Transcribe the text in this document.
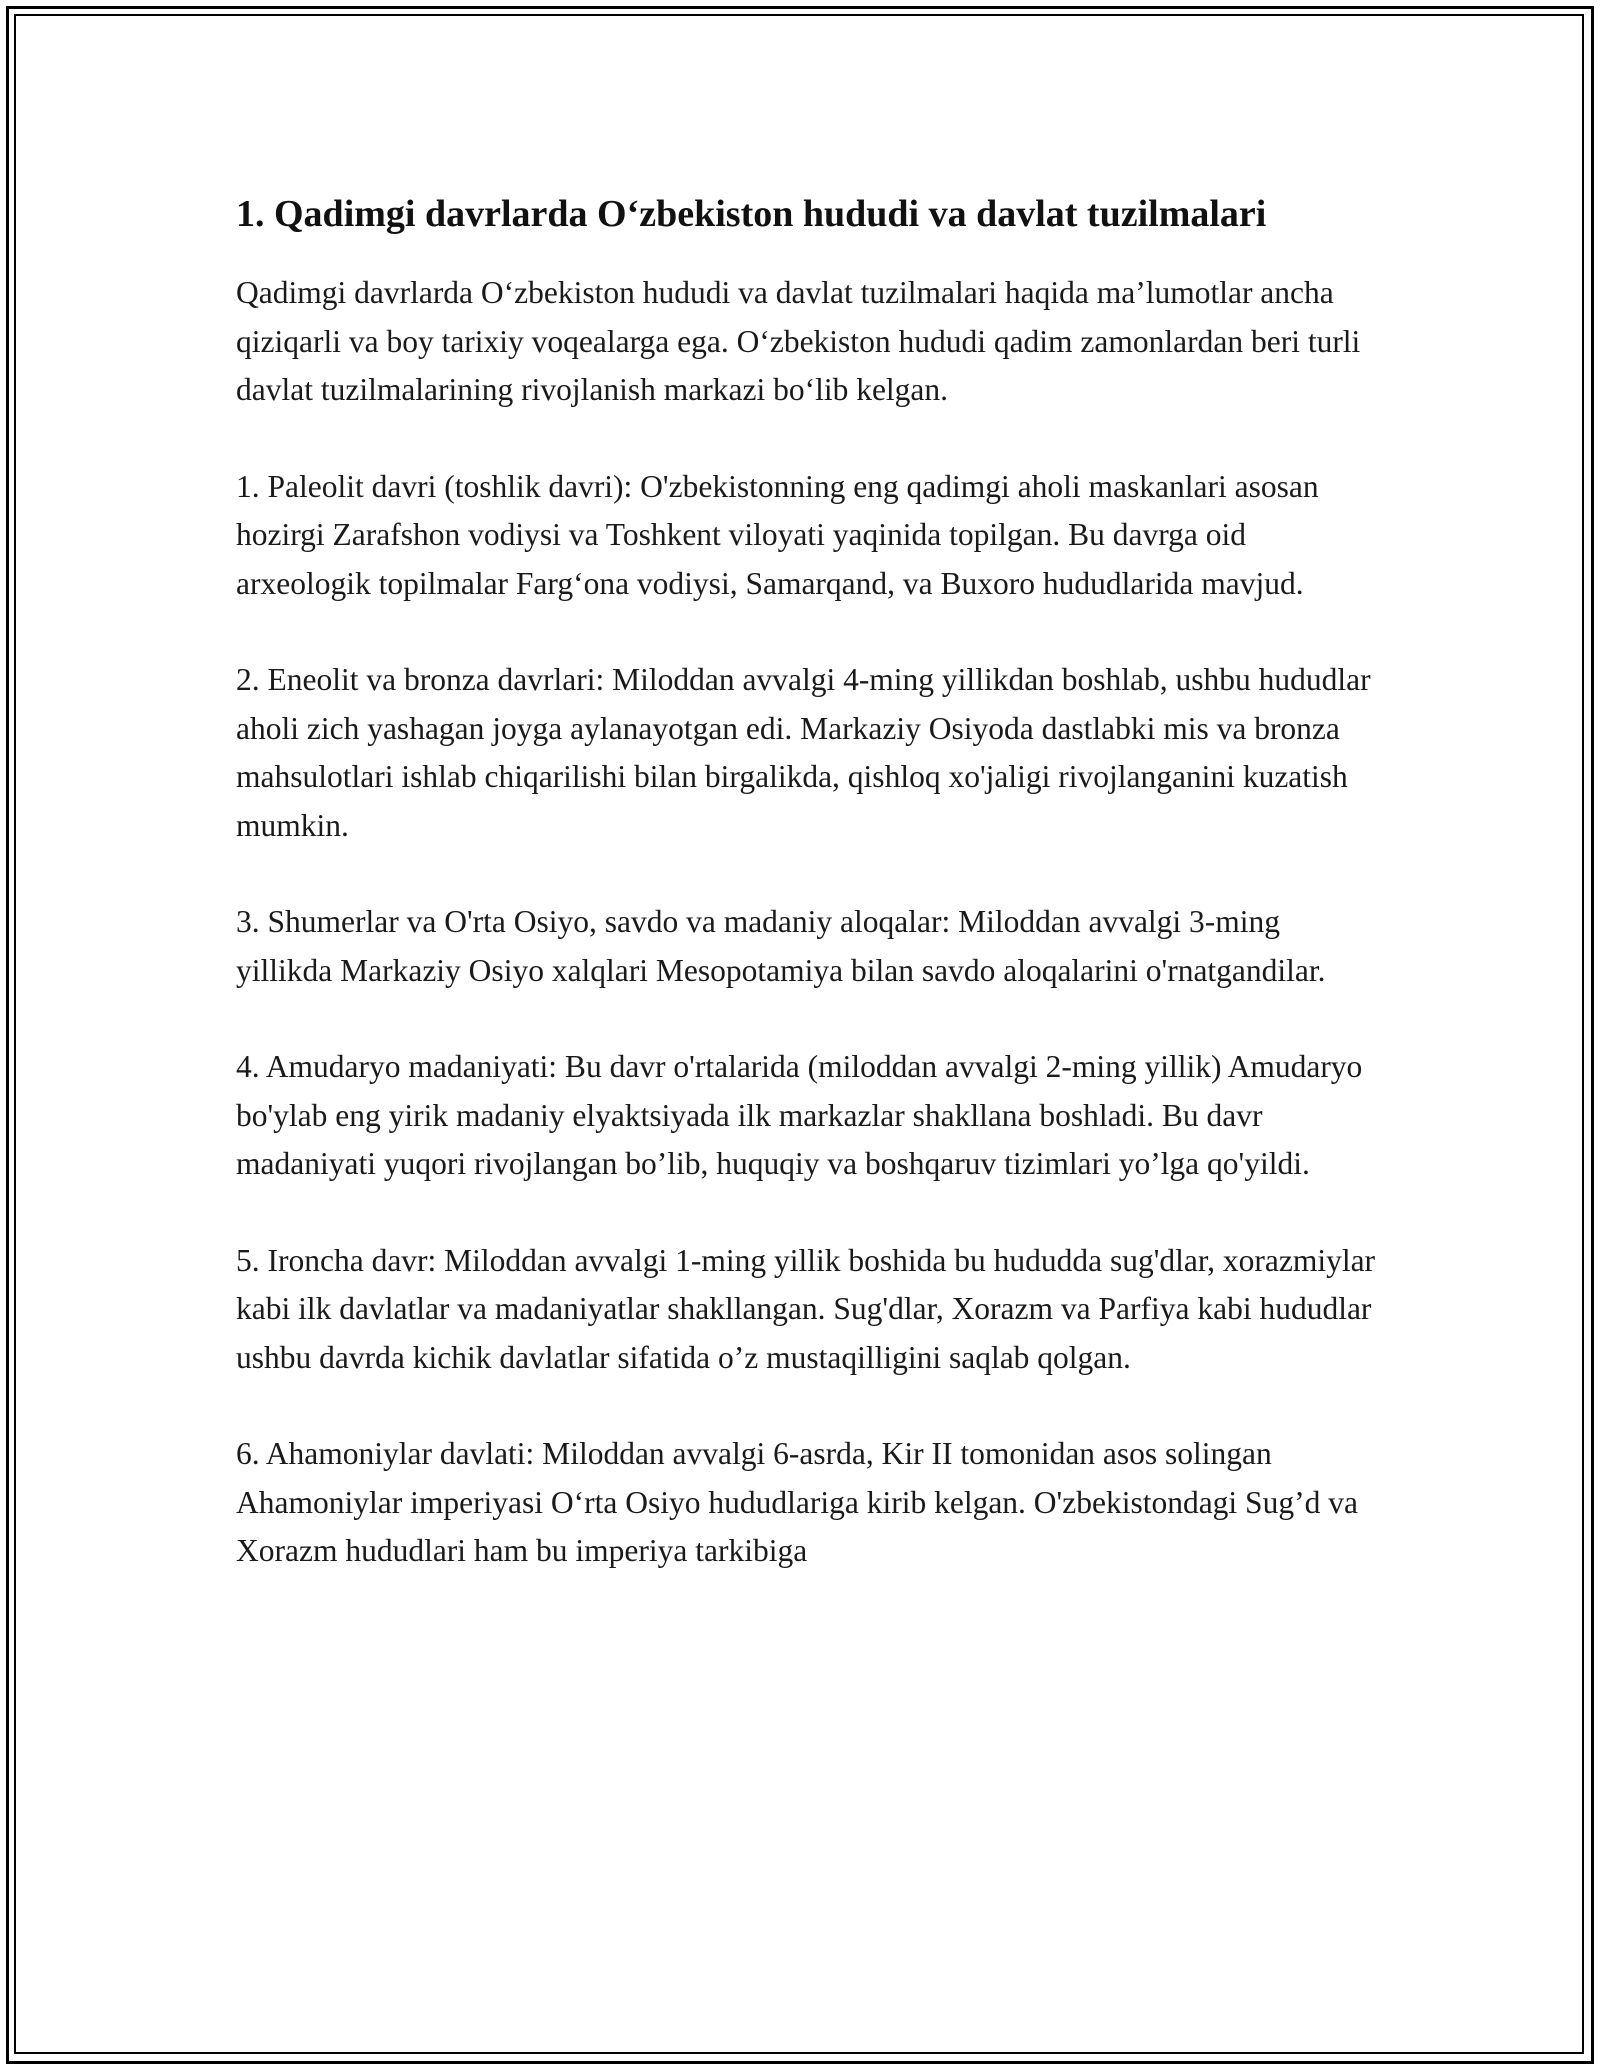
1. Qadimgi davrlarda O‘zbekiston hududi va davlat tuzilmalari

Qadimgi davrlarda O‘zbekiston hududi va davlat tuzilmalari haqida ma’lumotlar ancha qiziqarli va boy tarixiy voqealarga ega. O‘zbekiston hududi qadim zamonlardan beri turli davlat tuzilmalarining rivojlanish markazi bo‘lib kelgan.

1. Paleolit davri (toshlik davri): O'zbekistonning eng qadimgi aholi maskanlari asosan hozirgi Zarafshon vodiysi va Toshkent viloyati yaqinida topilgan. Bu davrga oid arxeologik topilmalar Farg‘ona vodiysi, Samarqand, va Buxoro hududlarida mavjud.

2. Eneolit va bronza davrlari: Miloddan avvalgi 4-ming yillikdan boshlab, ushbu hududlar aholi zich yashagan joyga aylanayotgan edi. Markaziy Osiyoda dastlabki mis va bronza mahsulotlari ishlab chiqarilishi bilan birgalikda, qishloq xo'jaligi rivojlanganini kuzatish mumkin.

3. Shumerlar va O'rta Osiyo, savdo va madaniy aloqalar: Miloddan avvalgi 3-ming yillikda Markaziy Osiyo xalqlari Mesopotamiya bilan savdo aloqalarini o'rnatgandilar.

4. Amudaryo madaniyati: Bu davr o'rtalarida (miloddan avvalgi 2-ming yillik) Amudaryo bo'ylab eng yirik madaniy elyaktsiyada ilk markazlar shakllana boshladi. Bu davr madaniyati yuqori rivojlangan bo’lib, huquqiy va boshqaruv tizimlari yo’lga qo'yildi.

5. Ironcha davr: Miloddan avvalgi 1-ming yillik boshida bu hududda sug'dlar, xorazmiylar kabi ilk davlatlar va madaniyatlar shakllangan. Sug'dlar, Xorazm va Parfiya kabi hududlar ushbu davrda kichik davlatlar sifatida o’z mustaqilligini saqlab qolgan.

6. Ahamoniylar davlati: Miloddan avvalgi 6-asrda, Kir II tomonidan asos solingan Ahamoniylar imperiyasi O‘rta Osiyo hududlariga kirib kelgan. O'zbekistondagi Sug’d va Xorazm hududlari ham bu imperiya tarkibiga
